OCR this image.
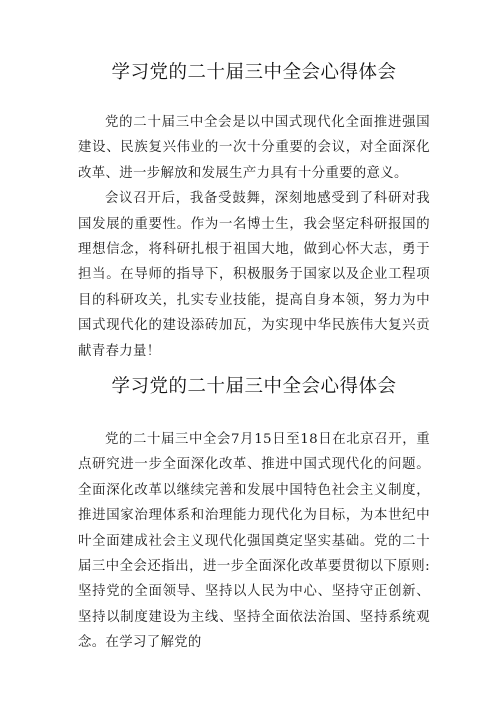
学习党的二十届三中全会心得体会

党的二十届三中全会是以中国式现代化全面推进强国建设、民族复兴伟业的一次十分重要的会议，对全面深化改革、进一步解放和发展生产力具有十分重要的意义。

会议召开后，我备受鼓舞，深刻地感受到了科研对我国发展的重要性。作为一名博士生，我会坚定科研报国的理想信念，将科研扎根于祖国大地，做到心怀大志，勇于担当。在导师的指导下，积极服务于国家以及企业工程项目的科研攻关，扎实专业技能，提高自身本领，努力为中国式现代化的建设添砖加瓦，为实现中华民族伟大复兴贡献青春力量！

学习党的二十届三中全会心得体会

党的二十届三中全会7月15日至18日在北京召开，重点研究进一步全面深化改革、推进中国式现代化的问题。全面深化改革以继续完善和发展中国特色社会主义制度，推进国家治理体系和治理能力现代化为目标，为本世纪中叶全面建成社会主义现代化强国奠定坚实基础。党的二十届三中全会还指出，进一步全面深化改革要贯彻以下原则:坚持党的全面领导、坚持以人民为中心、坚持守正创新、坚持以制度建设为主线、坚持全面依法治国、坚持系统观念。在学习了解党的
